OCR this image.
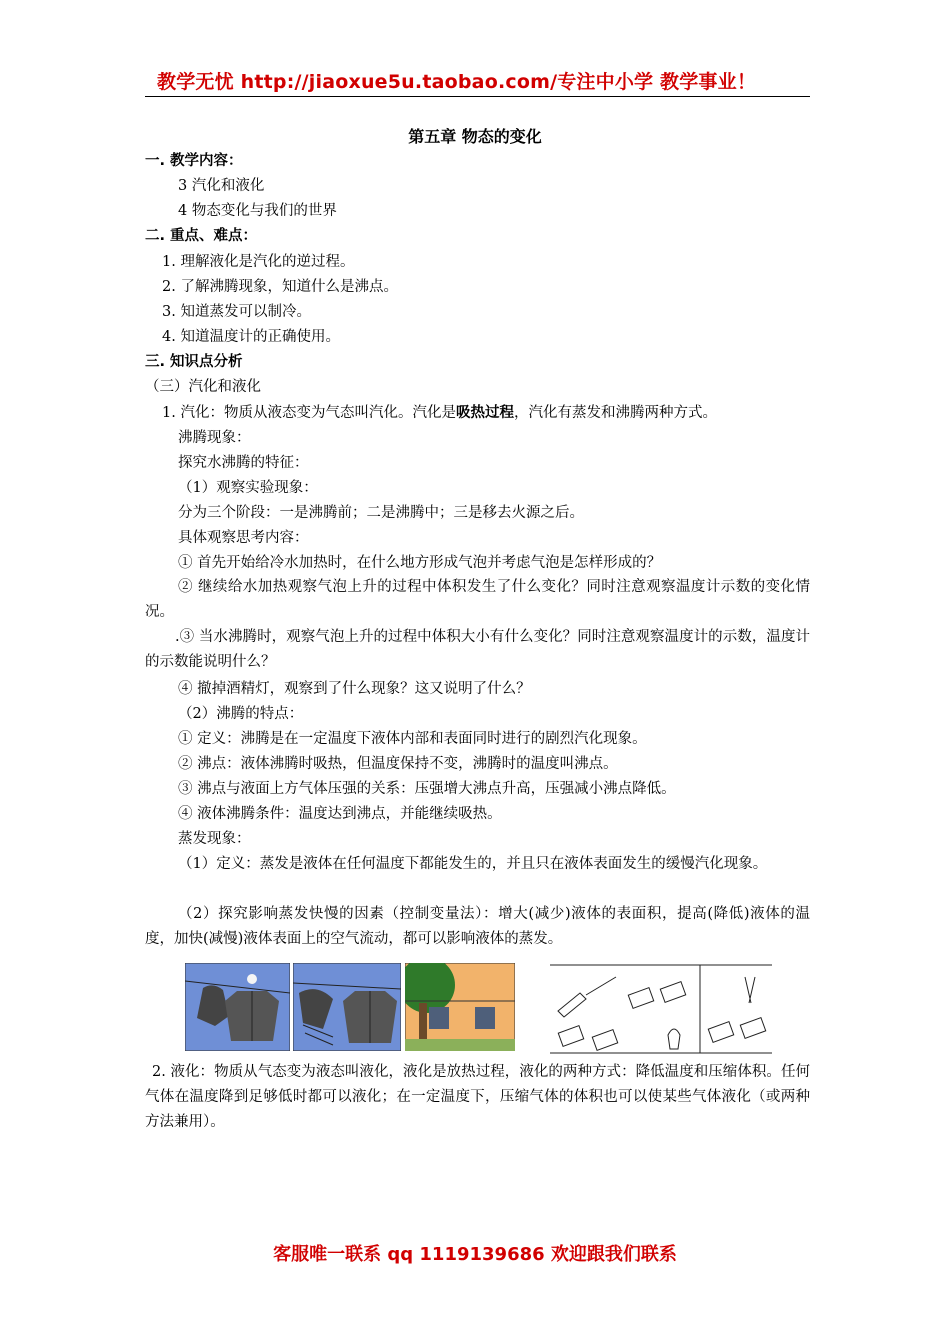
教学无忧 http://jiaoxue5u.taobao.com/专注中小学 教学事业！
第五章 物态的变化
一. 教学内容：
3 汽化和液化
4 物态变化与我们的世界
二. 重点、难点：
1. 理解液化是汽化的逆过程。
2. 了解沸腾现象，知道什么是沸点。
3. 知道蒸发可以制冷。
4. 知道温度计的正确使用。
三. 知识点分析
（三）汽化和液化
1. 汽化：物质从液态变为气态叫汽化。汽化是吸热过程，汽化有蒸发和沸腾两种方式。
沸腾现象：
探究水沸腾的特征：
（1）观察实验现象：
分为三个阶段：一是沸腾前；二是沸腾中；三是移去火源之后。
具体观察思考内容：
① 首先开始给冷水加热时，在什么地方形成气泡并考虑气泡是怎样形成的？
② 继续给水加热观察气泡上升的过程中体积发生了什么变化？同时注意观察温度计示数的变化情况。
.③ 当水沸腾时，观察气泡上升的过程中体积大小有什么变化？同时注意观察温度计的示数，温度计的示数能说明什么？
④ 撤掉酒精灯，观察到了什么现象？这又说明了什么？
（2）沸腾的特点：
① 定义：沸腾是在一定温度下液体内部和表面同时进行的剧烈汽化现象。
② 沸点：液体沸腾时吸热，但温度保持不变，沸腾时的温度叫沸点。
③ 沸点与液面上方气体压强的关系：压强增大沸点升高，压强减小沸点降低。
④ 液体沸腾条件：温度达到沸点，并能继续吸热。
蒸发现象：
（1）定义：蒸发是液体在任何温度下都能发生的，并且只在液体表面发生的缓慢汽化现象。
（2）探究影响蒸发快慢的因素（控制变量法）：增大(减少)液体的表面积，提高(降低)液体的温度，加快(减慢)液体表面上的空气流动，都可以影响液体的蒸发。
2. 液化：物质从气态变为液态叫液化，液化是放热过程，液化的两种方式：降低温度和压缩体积。任何气体在温度降到足够低时都可以液化；在一定温度下，压缩气体的体积也可以使某些气体液化（或两种方法兼用）。
客服唯一联系 qq 1119139686 欢迎跟我们联系
